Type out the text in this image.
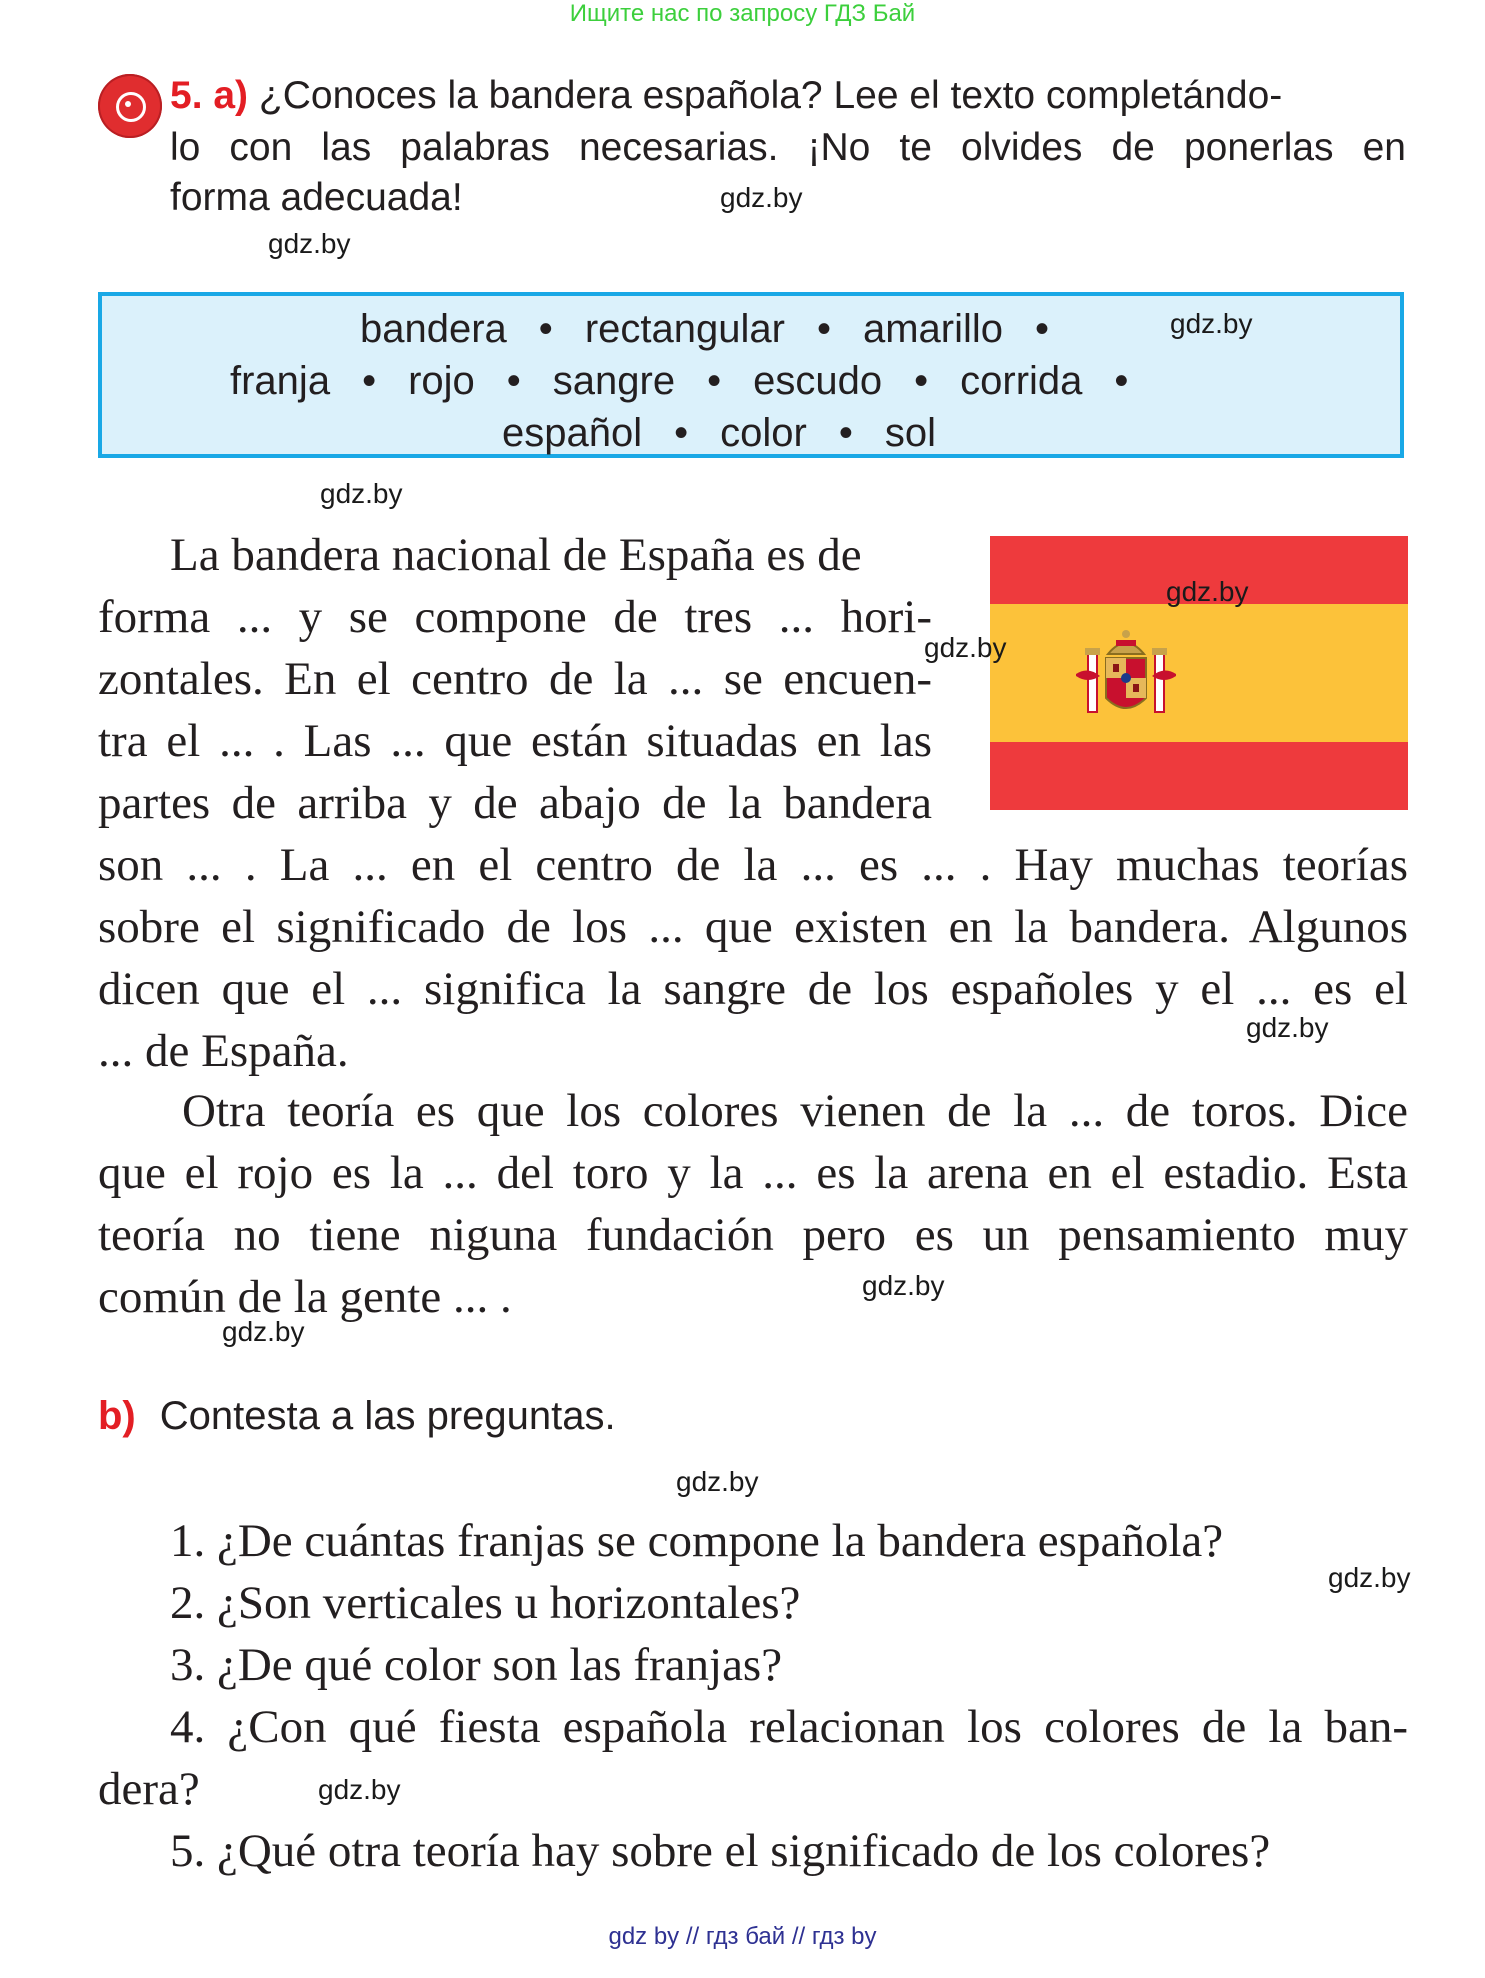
Ищите нас по запросу ГДЗ Бай
5. a) ¿Conoces la bandera española? Lee el texto completándo-
lo con las palabras necesarias. ¡No te olvides de ponerlas en
forma adecuada!	gdz.by
gdz.by
bandera • rectangular • amarillo •
franja • rojo • sangre • escudo • corrida •
español • color • sol
gdz.by
gdz.by
gdz.by
gdz.by
La bandera nacional de España es de
forma ... y se compone de tres ... hori-
zontales. En el centro de la ... se encuen-
tra el ... . Las ... que están situadas en las
partes de arriba y de abajo de la bandera
son ... . La ... en el centro de la ... es ... . Hay muchas teorías
sobre el significado de los ... que existen en la bandera. Algunos
dicen que el ... significa la sangre de los españoles y el ... es el
... de España.	gdz.by
Otra teoría es que los colores vienen de la ... de toros. Dice
que el rojo es la ... del toro y la ... es la arena en el estadio. Esta
teoría no tiene niguna fundación pero es un pensamiento muy
común de la gente ... .	gdz.by
gdz.by
b) Contesta a las preguntas.
gdz.by
1. ¿De cuántas franjas se compone la bandera española?
gdz.by
2. ¿Son verticales u horizontales?
3. ¿De qué color son las franjas?
4. ¿Con qué fiesta española relacionan los colores de la ban-
dera?	gdz.by
5. ¿Qué otra teoría hay sobre el significado de los colores?
gdz by // гдз бай // гдз by
